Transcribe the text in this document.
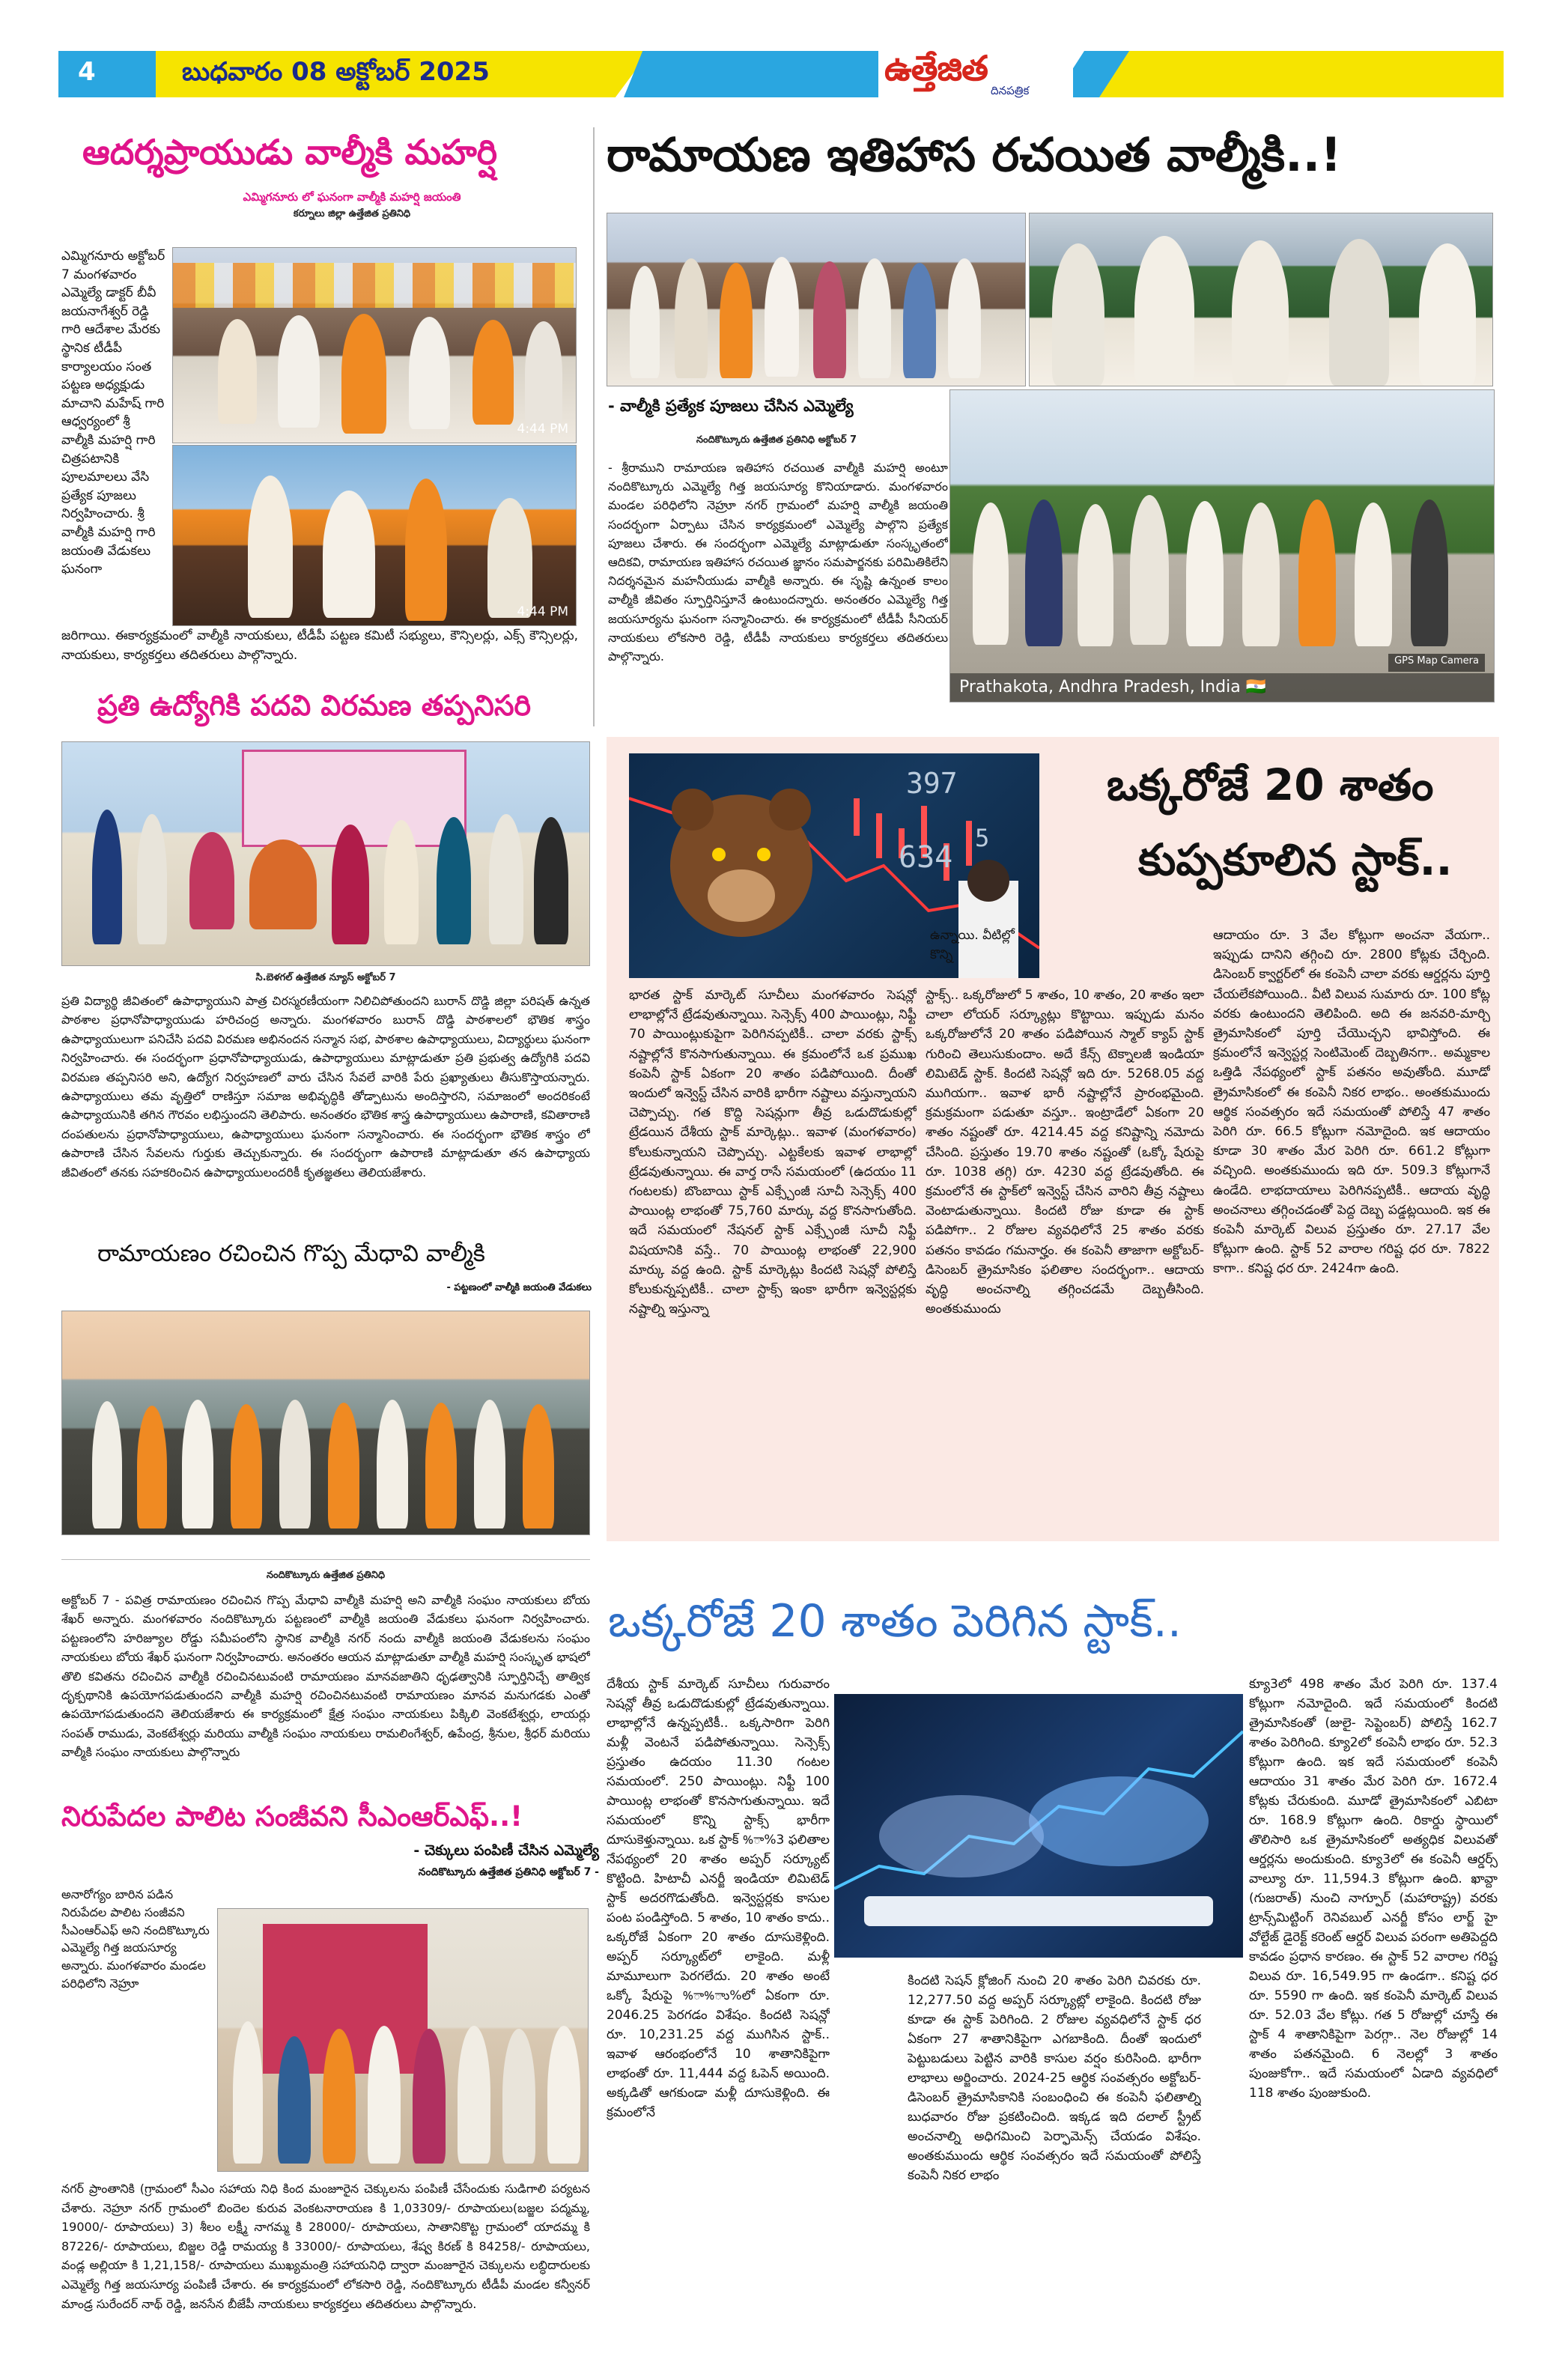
4	బుధవారం 08 అక్టోబర్ 2025	ఉత్తేజిత
దినపత్రిక
ఆదర్శప్రాయుడు వాల్మీకి మహర్షి
ఎమ్మిగనూరు లో ఘనంగా వాల్మీకి మహర్షి జయంతి
కర్నూలు జిల్లా ఉత్తేజిత ప్రతినిధి
ఎమ్మిగనూరు అక్టోబర్ 7 మంగళవారం ఎమ్మెల్యే డాక్టర్ బీవీ జయనాగేశ్వర్ రెడ్డి గారి ఆదేశాల మేరకు స్థానిక టీడీపీ కార్యాలయం సంత పట్టణ అధ్యక్షుడు మాచాని మహేష్ గారి ఆధ్వర్యంలో శ్రీ వాల్మీకి మహర్షి గారి చిత్రపటానికి పూలమాలలు వేసి ప్రత్యేక పూజలు నిర్వహించారు. శ్రీ వాల్మీకి మహర్షి గారి జయంతి వేడుకలు ఘనంగా
4:44 PM
4:44 PM
జరిగాయి. ఈకార్యక్రమంలో వాల్మీకి నాయకులు, టీడీపీ పట్టణ కమిటీ సభ్యులు, కౌన్సిలర్లు, ఎక్స్ కౌన్సిలర్లు, నాయకులు, కార్యకర్తలు తదితరులు పాల్గొన్నారు.
రామాయణ ఇతిహాస రచయిత వాల్మీకి..!
- వాల్మీకి ప్రత్యేక పూజలు చేసిన ఎమ్మెల్యే
నందికొట్కూరు ఉత్తేజిత ప్రతినిధి అక్టోబర్ 7
- శ్రీరాముని రామాయణ ఇతిహాస రచయిత వాల్మీకి మహర్షి అంటూ నందికొట్కూరు ఎమ్మెల్యే గిత్త జయసూర్య కొనియాడారు. మంగళవారం మండల పరిధిలోని నెహ్రూ నగర్ గ్రామంలో మహర్షి వాల్మీకి జయంతి సందర్భంగా ఏర్పాటు చేసిన కార్యక్రమంలో ఎమ్మెల్యే పాల్గొని ప్రత్యేక పూజలు చేశారు. ఈ సందర్భంగా ఎమ్మెల్యే మాట్లాడుతూ సంస్కృతంలో ఆదికవి, రామాయణ ఇతిహాస రచయిత జ్ఞానం సమపార్జనకు పరిమితికిలేని నిదర్శనమైన మహనీయుడు వాల్మీకి అన్నారు. ఈ సృష్టి ఉన్నంత కాలం వాల్మీకి జీవితం స్ఫూర్తినిస్తూనే ఉంటుందన్నారు. అనంతరం ఎమ్మెల్యే గిత్త జయసూర్యను ఘనంగా సన్మానించారు. ఈ కార్యక్రమంలో టీడీపీ సీనియర్ నాయకులు లోకసారి రెడ్డి, టీడీపీ నాయకులు కార్యకర్తలు తదితరులు పాల్గొన్నారు.	GPS Map Camera
Prathakota, Andhra Pradesh, India 🇮🇳
ప్రతి ఉద్యోగికి పదవి విరమణ తప్పనిసరి
సి.బెళగల్ ఉత్తేజిత న్యూస్ అక్టోబర్ 7
ప్రతి విద్యార్థి జీవితంలో ఉపాధ్యాయుని పాత్ర చిరస్మరణీయంగా నిలిచిపోతుందని బురాన్ దొడ్డి జిల్లా పరిషత్ ఉన్నత పాఠశాల ప్రధానోపాధ్యాయుడు హరిచంద్ర అన్నారు. మంగళవారం బురాన్ దొడ్డి పాఠశాలలో భౌతిక శాస్త్రం ఉపాధ్యాయులుగా పనిచేసి పదవి విరమణ అభినందన సన్మాన సభ, పాఠశాల ఉపాధ్యాయులు, విద్యార్థులు ఘనంగా నిర్వహించారు. ఈ సందర్భంగా ప్రధానోపాధ్యాయుడు, ఉపాధ్యాయులు మాట్లాడుతూ ప్రతి ప్రభుత్వ ఉద్యోగికి పదవి విరమణ తప్పనిసరి అని, ఉద్యోగ నిర్వహణలో వారు చేసిన సేవలే వారికి పేరు ప్రఖ్యాతులు తీసుకొస్తాయన్నారు. ఉపాధ్యాయులు తమ వృత్తిలో రాణిస్తూ సమాజ అభివృద్ధికి తోడ్పాటును అందిస్తారని, సమాజంలో అందరికంటే ఉపాధ్యాయునికి తగిన గౌరవం లభిస్తుందని తెలిపారు. అనంతరం భౌతిక శాస్త్ర ఉపాధ్యాయులు ఉపారాణి, కవితారాణి దంపతులను ప్రధానోపాధ్యాయులు, ఉపాధ్యాయులు ఘనంగా సన్మానించారు. ఈ సందర్భంగా భౌతిక శాస్త్రం లో ఉపారాణి చేసిన సేవలను గుర్తుకు తెచ్చుకున్నారు. ఈ సందర్భంగా ఉపారాణి మాట్లాడుతూ తన ఉపాధ్యాయ జీవితంలో తనకు సహకరించిన ఉపాధ్యాయులందరికీ కృతజ్ఞతలు తెలియజేశారు.
రామాయణం రచించిన గొప్ప మేధావి వాల్మీకి
- పట్టణంలో వాల్మీకి జయంతి వేడుకలు
397
634
5
ఒక్కరోజే 20 శాతం
కుప్పకూలిన స్టాక్..
ఉన్నాయి. వీటిల్లో కొన్ని
భారత స్టాక్ మార్కెట్ సూచీలు మంగళవారం సెషన్లో లాభాల్లోనే ట్రేడవుతున్నాయి. సెన్సెక్స్ 400 పాయింట్లు, నిఫ్టీ 70 పాయింట్లుకుపైగా పెరిగినప్పటికీ.. చాలా వరకు స్టాక్స్ నష్టాల్లోనే కొనసాగుతున్నాయి. ఈ క్రమంలోనే ఒక ప్రముఖ కంపెనీ స్టాక్ ఏకంగా 20 శాతం పడిపోయింది. దీంతో ఇందులో ఇన్వెస్ట్ చేసిన వారికి భారీగా నష్టాలు వస్తున్నాయని చెప్పొచ్చు. గత కొద్ది సెషన్లుగా తీవ్ర ఒడుదొడుకుల్లో ట్రేడయిన దేశీయ స్టాక్ మార్కెట్లు.. ఇవాళ (మంగళవారం) కోలుకున్నాయని చెప్పొచ్చు. ఎట్టకేలకు ఇవాళ లాభాల్లో ట్రేడవుతున్నాయి. ఈ వార్త రాసే సమయంలో (ఉదయం 11 గంటలకు) బొంబాయి స్టాక్ ఎక్స్చేంజీ సూచీ సెన్సెక్స్ 400 పాయింట్ల లాభంతో 75,760 మార్కు వద్ద కొనసాగుతోంది. ఇదే సమయంలో నేషనల్ స్టాక్ ఎక్స్చేంజీ సూచీ నిఫ్టీ విషయానికి వస్తే.. 70 పాయింట్ల లాభంతో 22,900 మార్కు వద్ద ఉంది. స్టాక్ మార్కెట్లు కిందటి సెషన్లో పోలిస్తే కోలుకున్నప్పటికీ.. చాలా స్టాక్స్ ఇంకా భారీగా ఇన్వెస్టర్లకు నష్టాల్ని ఇస్తున్నా
స్టాక్స్.. ఒక్కరోజులో 5 శాతం, 10 శాతం, 20 శాతం ఇలా చాలా లోయర్ సర్క్యూట్లు కొట్టాయి. ఇప్పుడు మనం ఒక్కరోజులోనే 20 శాతం పడిపోయిన స్మాల్ క్యాప్ స్టాక్ గురించి తెలుసుకుందాం. అదే కేన్స్ టెక్నాలజీ ఇండియా లిమిటెడ్ స్టాక్. కిందటి సెషన్లో ఇది రూ. 5268.05 వద్ద ముగియగా.. ఇవాళ భారీ నష్టాల్లోనే ప్రారంభమైంది. క్రమక్రమంగా పడుతూ వస్తూ.. ఇంట్రాడేలో ఏకంగా 20 శాతం నష్టంతో రూ. 4214.45 వద్ద కనిష్టాన్ని నమోదు చేసింది. ప్రస్తుతం 19.70 శాతం నష్టంతో (ఒక్కో షేరుపై రూ. 1038 తగ్గి) రూ. 4230 వద్ద ట్రేడవుతోంది. ఈ క్రమంలోనే ఈ స్టాక్‌లో ఇన్వెస్ట్ చేసిన వారిని తీవ్ర నష్టాలు వెంటాడుతున్నాయి. కిందటి రోజు కూడా ఈ స్టాక్ పడిపోగా.. 2 రోజుల వ్యవధిలోనే 25 శాతం వరకు పతనం కావడం గమనార్హం. ఈ కంపెనీ తాజాగా అక్టోబర్-డిసెంబర్ త్రైమాసికం ఫలితాల సందర్భంగా.. ఆదాయ వృద్ధి అంచనాల్ని తగ్గించడమే దెబ్బతీసింది. అంతకుముందు
ఆదాయం రూ. 3 వేల కోట్లుగా అంచనా వేయగా.. ఇప్పుడు దానిని తగ్గించి రూ. 2800 కోట్లకు చేర్చింది. డిసెంబర్ క్వార్టర్‌లో ఈ కంపెనీ చాలా వరకు ఆర్డర్లను పూర్తి చేయలేకపోయింది.. వీటి విలువ సుమారు రూ. 100 కోట్ల వరకు ఉంటుందని తెలిపింది. అది ఈ జనవరి-మార్చి త్రైమాసికంలో పూర్తి చేయొచ్చని భావిస్తోంది. ఈ క్రమంలోనే ఇన్వెస్టర్ల సెంటిమెంట్ దెబ్బతినగా.. అమ్మకాల ఒత్తిడి నేపథ్యంలో స్టాక్ పతనం అవుతోంది. మూడో త్రైమాసికంలో ఈ కంపెనీ నికర లాభం.. అంతకుముందు ఆర్థిక సంవత్సరం ఇదే సమయంతో పోలిస్తే 47 శాతం పెరిగి రూ. 66.5 కోట్లుగా నమోదైంది. ఇక ఆదాయం కూడా 30 శాతం మేర పెరిగి రూ. 661.2 కోట్లుగా వచ్చింది. అంతకుముందు ఇది రూ. 509.3 కోట్లుగానే ఉండేది. లాభదాయాలు పెరిగినప్పటికీ.. ఆదాయ వృద్ధి అంచనాలు తగ్గించడంతో పెద్ద దెబ్బ పడ్డట్లయింది. ఇక ఈ కంపెనీ మార్కెట్ విలువ ప్రస్తుతం రూ. 27.17 వేల కోట్లుగా ఉంది. స్టాక్ 52 వారాల గరిష్ట ధర రూ. 7822 కాగా.. కనిష్ట ధర రూ. 2424గా ఉంది.
నందికొట్కూరు ఉత్తేజిత ప్రతినిధి
అక్టోబర్ 7 - పవిత్ర రామాయణం రచించిన గొప్ప మేధావి వాల్మీకి మహర్షి అని వాల్మీకి సంఘం నాయకులు బోయ శేఖర్ అన్నారు. మంగళవారం నందికొట్కూరు పట్టణంలో వాల్మీకి జయంతి వేడుకలు ఘనంగా నిర్వహించారు. పట్టణంలోని హరిజ్యూల రోడ్డు సమీపంలోని స్థానిక వాల్మీకి నగర్ నందు వాల్మీకి జయంతి వేడుకలను సంఘం నాయకులు బోయ శేఖర్ ఘనంగా నిర్వహించారు. అనంతరం ఆయన మాట్లాడుతూ వాల్మీకి మహర్షి సంస్కృత భాషలో తొలి కవితను రచించిన వాల్మీకి రచించినటువంటి రామాయణం మానవజాతిని ధృఢత్వానికి స్ఫూర్తినిచ్చే తాత్విక దృక్పథానికి ఉపయోగపడుతుందని వాల్మీకి మహర్షి రచించినటువంటి రామాయణం మానవ మనుగడకు ఎంతో ఉపయోగపడుతుందని తెలియజేశారు ఈ కార్యక్రమంలో క్షేత్ర సంఘం నాయకులు పిక్కిలి వెంకటేశ్వర్లు, లాయర్లు సంపత్ రాముడు, వెంకటేశ్వర్లు మరియు వాల్మీకి సంఘం నాయకులు రామలింగేశ్వర్, ఉపేంద్ర, శ్రీనుల, శ్రీధర్ మరియు వాల్మీకి సంఘం నాయకులు పాల్గొన్నారు
నిరుపేదల పాలిట సంజీవని సీఎంఆర్ఎఫ్..!
- చెక్కులు పంపిణీ చేసిన ఎమ్మెల్యే
నందికొట్కూరు ఉత్తేజిత ప్రతినిధి అక్టోబర్ 7 -
అనారోగ్యం బారిన పడిన నిరుపేదల పాలిట సంజీవని సీఎంఆర్ఎఫ్ అని నందికొట్కూరు ఎమ్మెల్యే గిత్త జయసూర్య అన్నారు. మంగళవారం మండల పరిధిలోని నెహ్రూ
నగర్ ప్రాంతానికి (గ్రామంలో సీఎం సహాయ నిధి కింద మంజూరైన చెక్కులను పంపిణీ చేసేందుకు సుడిగాలి పర్యటన చేశారు. నెహ్రూ నగర్ గ్రామంలో బిందెల కురువ వెంకటనారాయణ కి 1,03309/- రూపాయలు(బజ్జల పద్మమ్మ, 19000/- రూపాయలు) 3) శీలం లక్ష్మీ నాగమ్మ కి 28000/- రూపాయలు, సాతానికొట్ట గ్రామంలో యాదమ్మ కి 87226/- రూపాయలు, బిజ్జల రెడ్డి రామయ్య కి 33000/- రూపాయలు, శేష్వ కిరణ్ కి 84258/- రూపాయలు, వండ్ల అల్లియా కి 1,21,158/- రూపాయలు ముఖ్యమంత్రి సహాయనిధి ద్వారా మంజూరైన చెక్కులను లబ్ధిదారులకు ఎమ్మెల్యే గిత్త జయసూర్య పంపిణీ చేశారు. ఈ కార్యక్రమంలో లోకసారి రెడ్డి, నందికొట్కూరు టీడీపీ మండల కన్వీనర్ మాండ్ర సురేందర్ నాథ్ రెడ్డి, జనసేన బీజేపీ నాయకులు కార్యకర్తలు తదితరులు పాల్గొన్నారు.
ఒక్కరోజే 20 శాతం పెరిగిన స్టాక్..
దేశీయ స్టాక్ మార్కెట్ సూచీలు గురువారం సెషన్లో తీవ్ర ఒడుదొడుకుల్లో ట్రేడవుతున్నాయి. లాభాల్లోనే ఉన్నప్పటికీ.. ఒక్కసారిగా పెరిగి మళ్లీ వెంటనే పడిపోతున్నాయి. సెన్సెక్స్ ప్రస్తుతం ఉదయం 11.30 గంటల సమయంలో. 250 పాయింట్లు. నిఫ్టీ 100 పాయింట్ల లాభంతో కొనసాగుతున్నాయి. ఇదే సమయంలో కొన్ని స్టాక్స్ భారీగా దూసుకెళ్తున్నాయి. ఒక స్టాక్ %ా%3 ఫలితాల నేపథ్యంలో 20 శాతం అప్పర్ సర్క్యూట్ కొట్టింది. హిటాచీ ఎనర్జీ ఇండియా లిమిటెడ్ స్టాక్ అదరగొడుతోంది. ఇన్వెస్టర్లకు కాసుల పంట పండిస్తోంది. 5 శాతం, 10 శాతం కాదు.. ఒక్కరోజే ఏకంగా 20 శాతం దూసుకెళ్లింది. అప్పర్ సర్క్యూట్‌లో లాకైంది. మళ్లీ మామూలుగా పెరగలేదు. 20 శాతం అంటే ఒక్కో షేరుపై %ా%ాు%లో ఏకంగా రూ. 2046.25 పెరగడం విశేషం. కిందటి సెషన్లో రూ. 10,231.25 వద్ద ముగిసిన స్టాక్.. ఇవాళ ఆరంభంలోనే 10 శాతానికిపైగా లాభంతో రూ. 11,444 వద్ద ఓపెన్ అయింది. అక్కడితో ఆగకుండా మళ్లీ దూసుకెళ్లింది. ఈ క్రమంలోనే
కిందటి సెషన్ క్లోజింగ్ నుంచి 20 శాతం పెరిగి చివరకు రూ. 12,277.50 వద్ద అప్పర్ సర్క్యూట్లో లాకైంది. కిందటి రోజు కూడా ఈ స్టాక్ పెరిగింది. 2 రోజుల వ్యవధిలోనే స్టాక్ ధర ఏకంగా 27 శాతానికిపైగా ఎగబాకింది. దీంతో ఇందులో పెట్టుబడులు పెట్టిన వారికి కాసుల వర్షం కురిసింది. భారీగా లాభాలు అర్జించారు. 2024-25 ఆర్థిక సంవత్సరం అక్టోబర్-డిసెంబర్ త్రైమాసికానికి సంబంధించి ఈ కంపెనీ ఫలితాల్ని బుధవారం రోజు ప్రకటించింది. ఇక్కడ ఇది దలాల్ స్ట్రీట్ అంచనాల్ని అధిగమించి పెర్ఫామెన్స్ చేయడం విశేషం. అంతకుముందు ఆర్థిక సంవత్సరం ఇదే సమయంతో పోలిస్తే కంపెనీ నికర లాభం
క్యూ3లో 498 శాతం మేర పెరిగి రూ. 137.4 కోట్లుగా నమోదైంది. ఇదే సమయంలో కిందటి త్రైమాసికంతో (జులై- సెప్టెంబర్) పోలిస్తే 162.7 శాతం పెరిగింది. క్యూ2లో కంపెనీ లాభం రూ. 52.3 కోట్లుగా ఉంది. ఇక ఇదే సమయంలో కంపెనీ ఆదాయం 31 శాతం మేర పెరిగి రూ. 1672.4 కోట్లకు చేరుకుంది. మూడో త్రైమాసికంలో ఎబిటా రూ. 168.9 కోట్లుగా ఉంది. రికార్డు స్థాయిలో తొలిసారి ఒక త్రైమాసికంలో అత్యధిక విలువతో ఆర్డర్లను అందుకుంది. క్యూ3లో ఈ కంపెనీ ఆర్డర్స్ వాల్యూ రూ. 11,594.3 కోట్లుగా ఉంది. ఖావ్దా (గుజరాత్) నుంచి నాగ్పూర్ (మహారాష్ట్ర) వరకు ట్రాన్స్‌మిట్టింగ్ రెనివబుల్ ఎనర్జీ కోసం లార్జ్ హై వోల్టేజ్ డైరెక్ట్ కరెంట్ ఆర్డర్ విలువ పరంగా అతిపెద్దది కావడం ప్రధాన కారణం. ఈ స్టాక్ 52 వారాల గరిష్ట విలువ రూ. 16,549.95 గా ఉండగా.. కనిష్ట ధర రూ. 5590 గా ఉంది. ఇక కంపెనీ మార్కెట్ విలువ రూ. 52.03 వేల కోట్లు. గత 5 రోజుల్లో చూస్తే ఈ స్టాక్ 4 శాతానికిపైగా పెరగ్గా.. నెల రోజుల్లో 14 శాతం పతనమైంది. 6 నెలల్లో 3 శాతం పుంజుకోగా.. ఇదే సమయంలో ఏడాది వ్యవధిలో 118 శాతం పుంజుకుంది.
